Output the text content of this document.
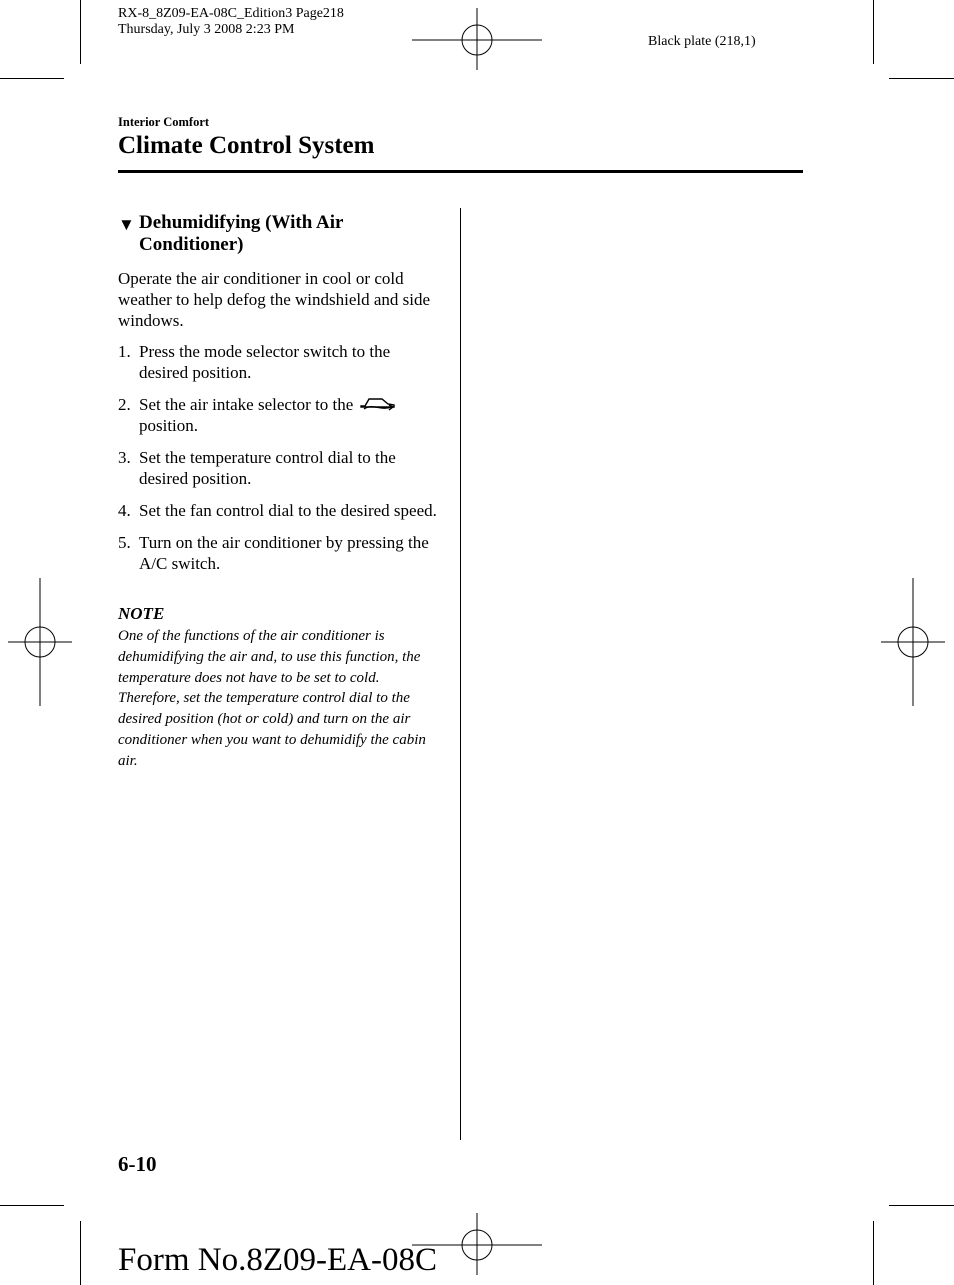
RX-8_8Z09-EA-08C_Edition3 Page218
Thursday, July 3 2008 2:23 PM
Black plate (218,1)
Interior Comfort
Climate Control System
▼ Dehumidifying (With Air
Conditioner)
Operate the air conditioner in cool or cold weather to help defog the windshield and side windows.
1. Press the mode selector switch to the desired position.
2. Set the air intake selector to the  position.
3. Set the temperature control dial to the desired position.
4. Set the fan control dial to the desired speed.
5. Turn on the air conditioner by pressing the A/C switch.
NOTE
One of the functions of the air conditioner is dehumidifying the air and, to use this function, the temperature does not have to be set to cold. Therefore, set the temperature control dial to the desired position (hot or cold) and turn on the air conditioner when you want to dehumidify the cabin air.
6-10
Form No.8Z09-EA-08C
